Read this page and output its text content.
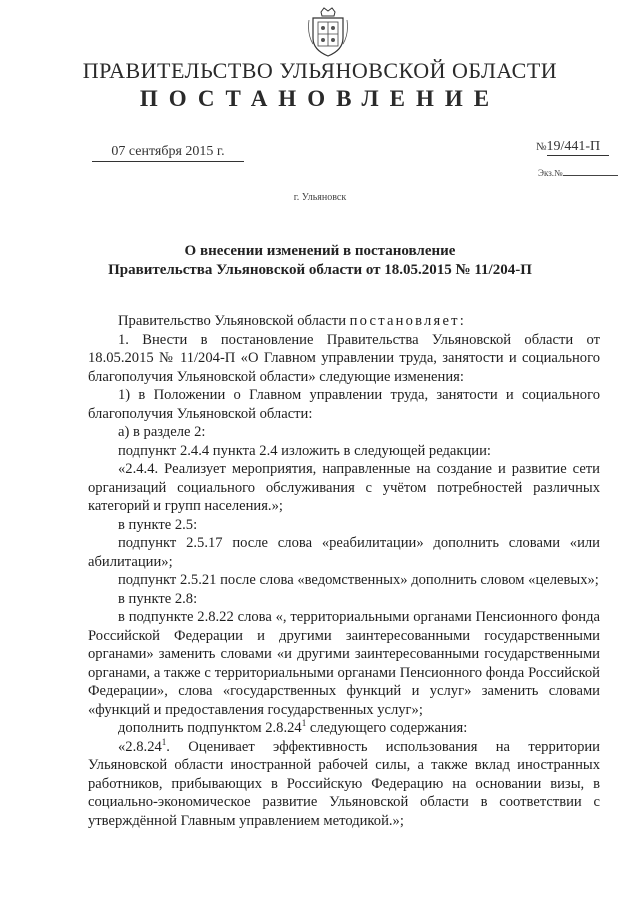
ПРАВИТЕЛЬСТВО УЛЬЯНОВСКОЙ ОБЛАСТИ
ПОСТАНОВЛЕНИЕ
07 сентября 2015 г.	№19/441-П
Экз.№
г. Ульяновск
О внесении изменений в постановление
Правительства Ульяновской области от 18.05.2015 № 11/204-П

Правительство Ульяновской области постановляет:

1. Внести в постановление Правительства Ульяновской области от 18.05.2015 № 11/204-П «О Главном управлении труда, занятости и социального благополучия Ульяновской области» следующие изменения:

1) в Положении о Главном управлении труда, занятости и социального благополучия Ульяновской области:

а) в разделе 2:

подпункт 2.4.4 пункта 2.4 изложить в следующей редакции:

«2.4.4. Реализует мероприятия, направленные на создание и развитие сети организаций социального обслуживания с учётом потребностей различных категорий и групп населения.»;

в пункте 2.5:

подпункт 2.5.17 после слова «реабилитации» дополнить словами «или абилитации»;

подпункт 2.5.21 после слова «ведомственных» дополнить словом «целевых»;

в пункте 2.8:

в подпункте 2.8.22 слова «, территориальными органами Пенсионного фонда Российской Федерации и другими заинтересованными государственными органами» заменить словами «и другими заинтересованными государственными органами, а также с территориальными органами Пенсионного фонда Российской Федерации», слова «государственных функций и услуг» заменить словами «функций и предоставления государственных услуг»;

дополнить подпунктом 2.8.24$^1$ следующего содержания:

«2.8.24$^1$. Оценивает эффективность использования на территории Ульяновской области иностранной рабочей силы, а также вклад иностранных работников, прибывающих в Российскую Федерацию на основании визы, в социально-экономическое развитие Ульяновской области в соответствии с утверждённой Главным управлением методикой.»;
